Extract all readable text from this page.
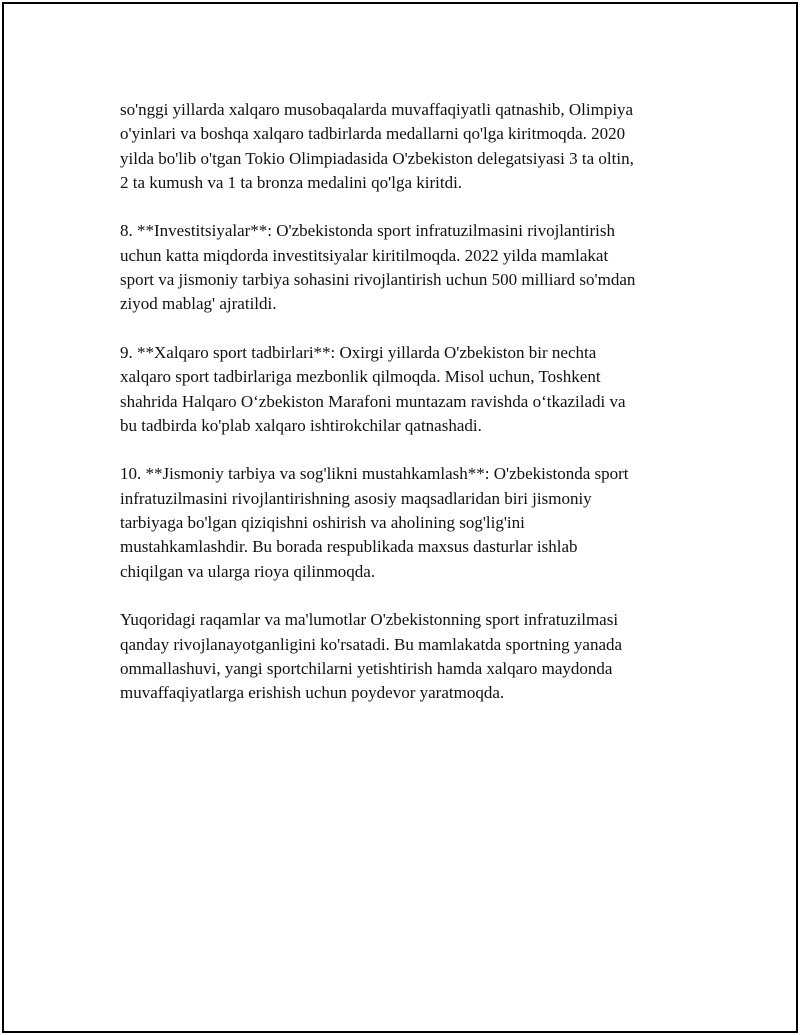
so'nggi yillarda xalqaro musobaqalarda muvaffaqiyatli qatnashib, Olimpiya
o'yinlari va boshqa xalqaro tadbirlarda medallarni qo'lga kiritmoqda. 2020
yilda bo'lib o'tgan Tokio Olimpiadasida O'zbekiston delegatsiyasi 3 ta oltin,
2 ta kumush va 1 ta bronza medalini qo'lga kiritdi.

8. **Investitsiyalar**: O'zbekistonda sport infratuzilmasini rivojlantirish
uchun katta miqdorda investitsiyalar kiritilmoqda. 2022 yilda mamlakat
sport va jismoniy tarbiya sohasini rivojlantirish uchun 500 milliard so'mdan
ziyod mablag' ajratildi.

9. **Xalqaro sport tadbirlari**: Oxirgi yillarda O'zbekiston bir nechta
xalqaro sport tadbirlariga mezbonlik qilmoqda. Misol uchun, Toshkent
shahrida Halqaro O‘zbekiston Marafoni muntazam ravishda o‘tkaziladi va
bu tadbirda ko'plab xalqaro ishtirokchilar qatnashadi.

10. **Jismoniy tarbiya va sog'likni mustahkamlash**: O'zbekistonda sport
infratuzilmasini rivojlantirishning asosiy maqsadlaridan biri jismoniy
tarbiyaga bo'lgan qiziqishni oshirish va aholining sog'lig'ini
mustahkamlashdir. Bu borada respublikada maxsus dasturlar ishlab
chiqilgan va ularga rioya qilinmoqda.

Yuqoridagi raqamlar va ma'lumotlar O'zbekistonning sport infratuzilmasi
qanday rivojlanayotganligini ko'rsatadi. Bu mamlakatda sportning yanada
ommallashuvi, yangi sportchilarni yetishtirish hamda xalqaro maydonda
muvaffaqiyatlarga erishish uchun poydevor yaratmoqda.
